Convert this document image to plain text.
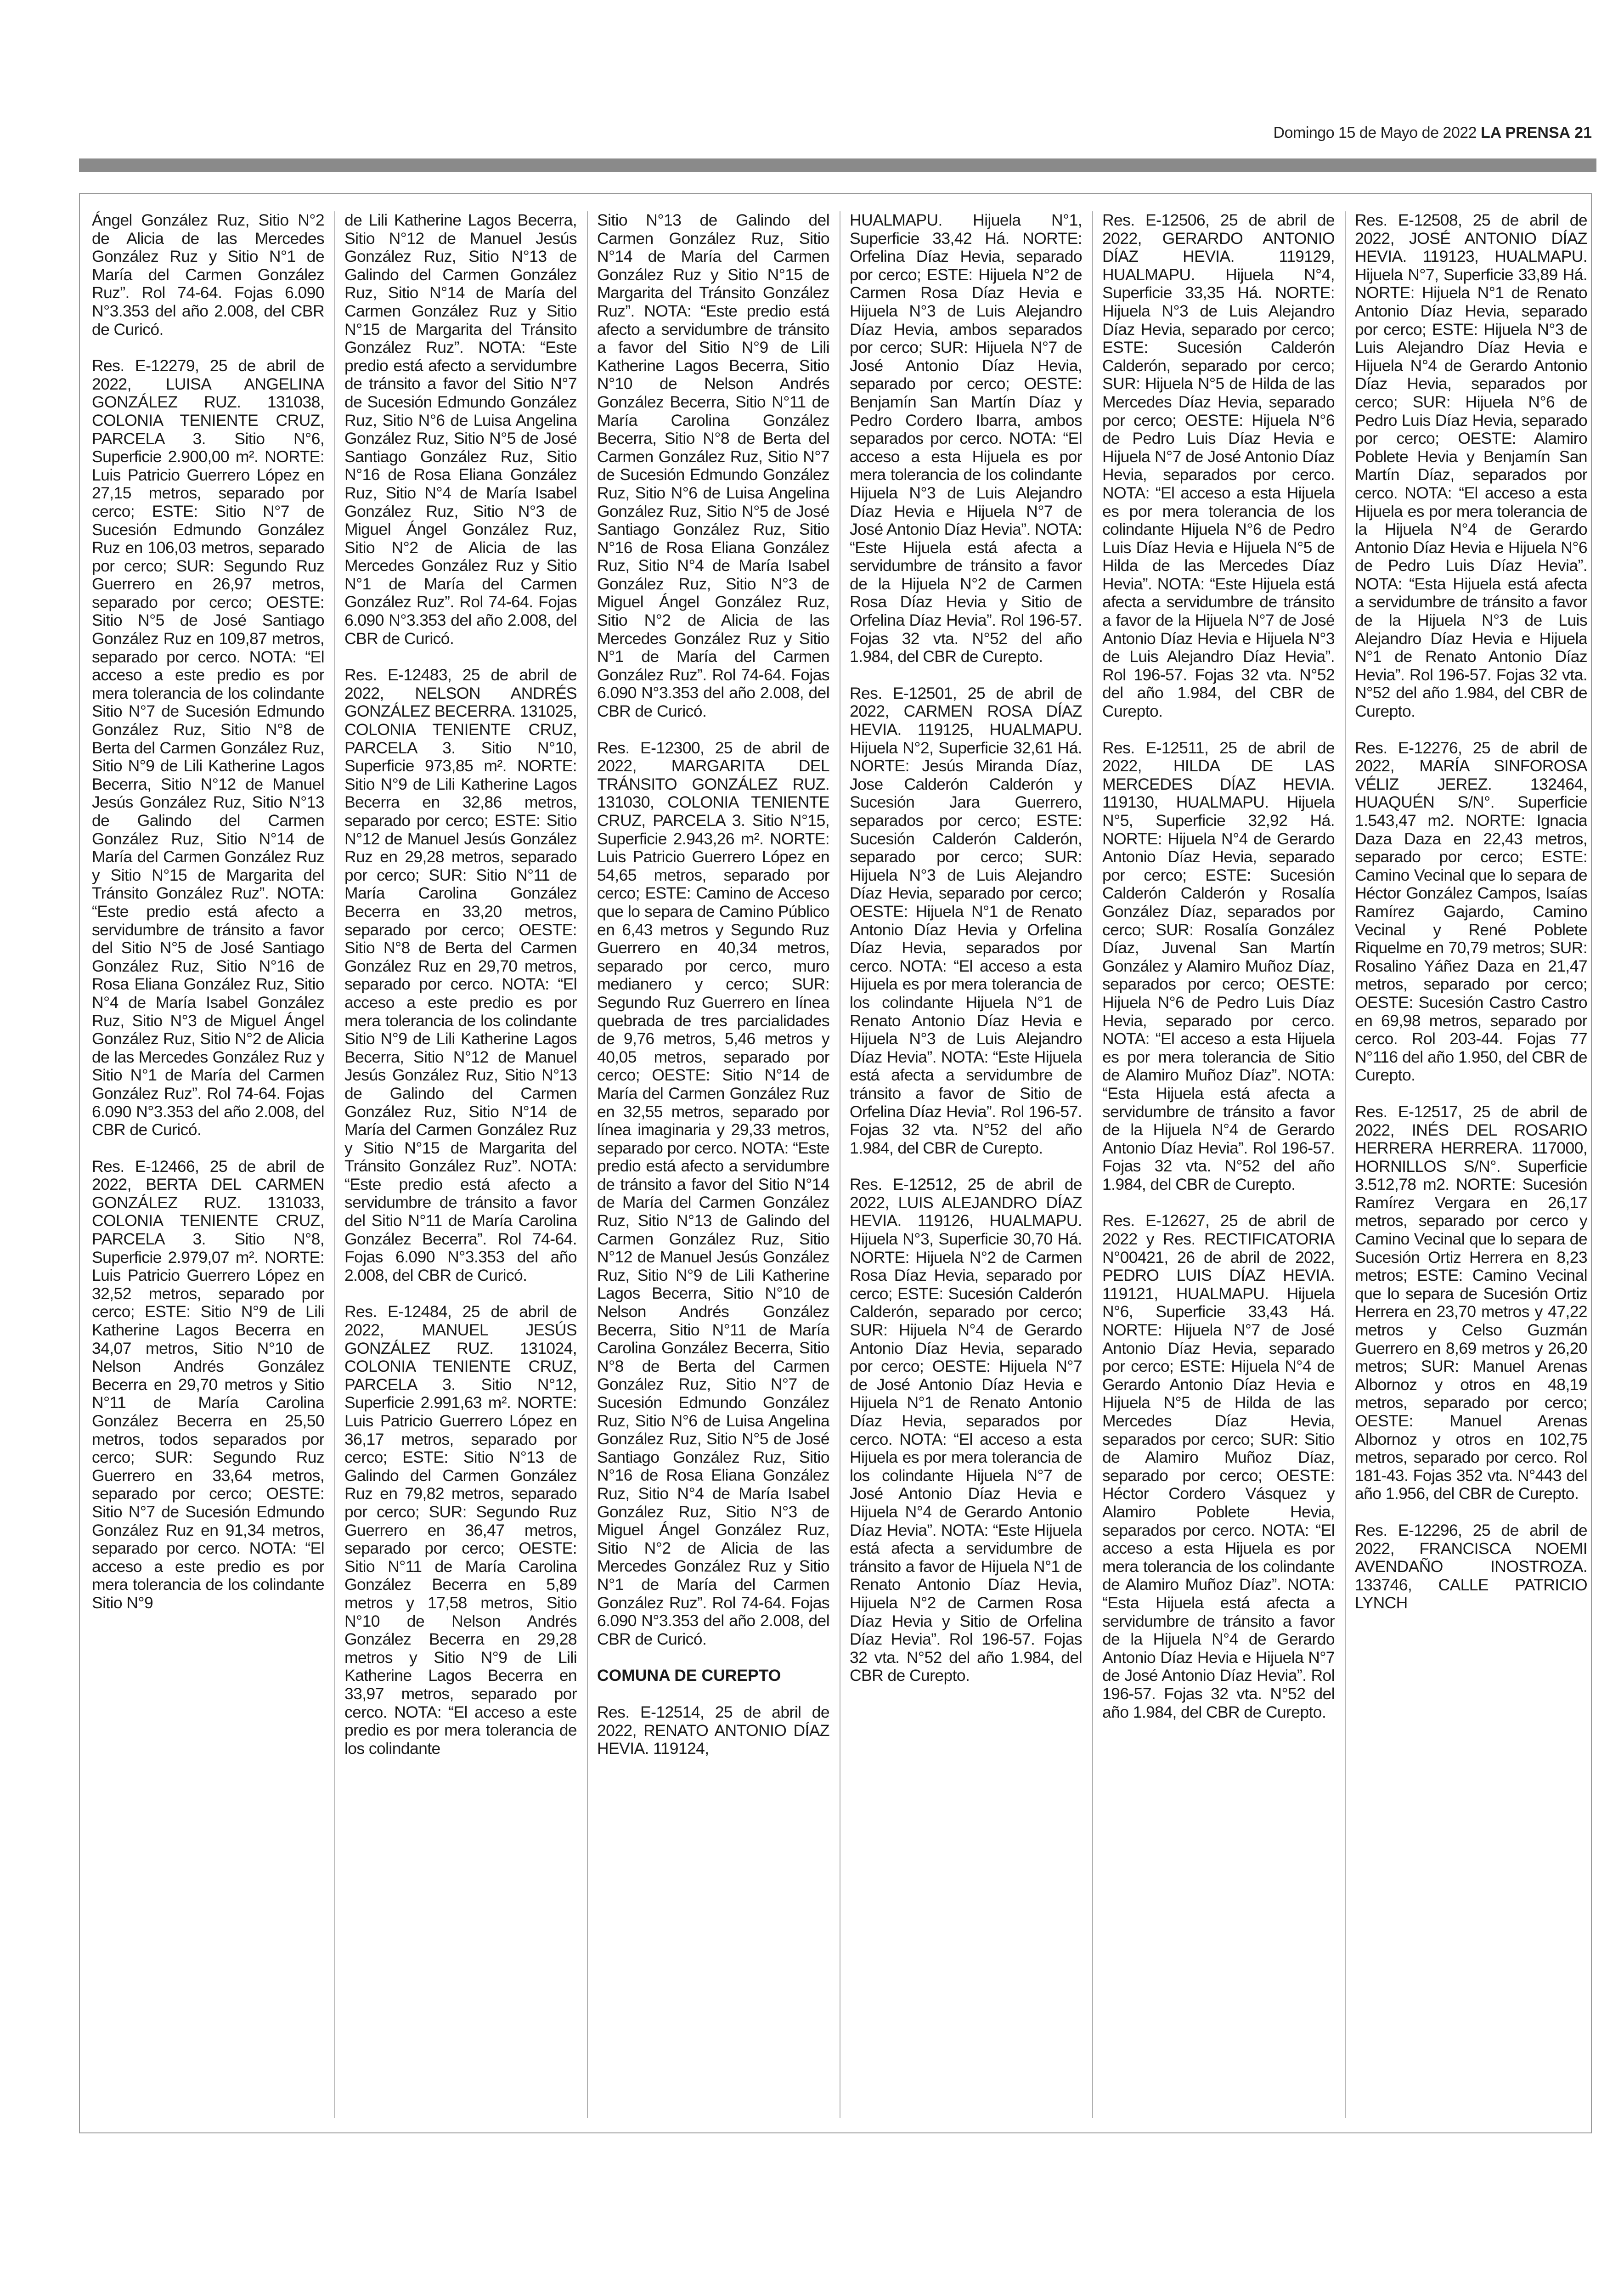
Domingo 15 de Mayo de 2022 LA PRENSA 21

Ángel González Ruz, Sitio N°2 de Alicia de las Mercedes González Ruz y Sitio N°1 de María del Carmen González Ruz”. Rol 74-64. Fojas 6.090 N°3.353 del año 2.008, del CBR de Curicó.

Res. E-12279, 25 de abril de 2022, LUISA ANGELINA GONZÁLEZ RUZ. 131038, COLONIA TENIENTE CRUZ, PARCELA 3. Sitio N°6, Superficie 2.900,00 m². NORTE: Luis Patricio Guerrero López en 27,15 metros, separado por cerco; ESTE: Sitio N°7 de Sucesión Edmundo González Ruz en 106,03 metros, separado por cerco; SUR: Segundo Ruz Guerrero en 26,97 metros, separado por cerco; OESTE: Sitio N°5 de José Santiago González Ruz en 109,87 metros, separado por cerco. NOTA: “El acceso a este predio es por mera tolerancia de los colindante Sitio N°7 de Sucesión Edmundo González Ruz, Sitio N°8 de Berta del Carmen González Ruz, Sitio N°9 de Lili Katherine Lagos Becerra, Sitio N°12 de Manuel Jesús González Ruz, Sitio N°13 de Galindo del Carmen González Ruz, Sitio N°14 de María del Carmen González Ruz y Sitio N°15 de Margarita del Tránsito González Ruz”. NOTA: “Este predio está afecto a servidumbre de tránsito a favor del Sitio N°5 de José Santiago González Ruz, Sitio N°16 de Rosa Eliana González Ruz, Sitio N°4 de María Isabel González Ruz, Sitio N°3 de Miguel Ángel González Ruz, Sitio N°2 de Alicia de las Mercedes González Ruz y Sitio N°1 de María del Carmen González Ruz”. Rol 74-64. Fojas 6.090 N°3.353 del año 2.008, del CBR de Curicó.

Res. E-12466, 25 de abril de 2022, BERTA DEL CARMEN GONZÁLEZ RUZ. 131033, COLONIA TENIENTE CRUZ, PARCELA 3. Sitio N°8, Superficie 2.979,07 m². NORTE: Luis Patricio Guerrero López en 32,52 metros, separado por cerco; ESTE: Sitio N°9 de Lili Katherine Lagos Becerra en 34,07 metros, Sitio N°10 de Nelson Andrés González Becerra en 29,70 metros y Sitio N°11 de María Carolina González Becerra en 25,50 metros, todos separados por cerco; SUR: Segundo Ruz Guerrero en 33,64 metros, separado por cerco; OESTE: Sitio N°7 de Sucesión Edmundo González Ruz en 91,34 metros, separado por cerco. NOTA: “El acceso a este predio es por mera tolerancia de los colindante Sitio N°9

de Lili Katherine Lagos Becerra, Sitio N°12 de Manuel Jesús González Ruz, Sitio N°13 de Galindo del Carmen González Ruz, Sitio N°14 de María del Carmen González Ruz y Sitio N°15 de Margarita del Tránsito González Ruz”. NOTA: “Este predio está afecto a servidumbre de tránsito a favor del Sitio N°7 de Sucesión Edmundo González Ruz, Sitio N°6 de Luisa Angelina González Ruz, Sitio N°5 de José Santiago González Ruz, Sitio N°16 de Rosa Eliana González Ruz, Sitio N°4 de María Isabel González Ruz, Sitio N°3 de Miguel Ángel González Ruz, Sitio N°2 de Alicia de las Mercedes González Ruz y Sitio N°1 de María del Carmen González Ruz”. Rol 74-64. Fojas 6.090 N°3.353 del año 2.008, del CBR de Curicó.

Res. E-12483, 25 de abril de 2022, NELSON ANDRÉS GONZÁLEZ BECERRA. 131025, COLONIA TENIENTE CRUZ, PARCELA 3. Sitio N°10, Superficie 973,85 m². NORTE: Sitio N°9 de Lili Katherine Lagos Becerra en 32,86 metros, separado por cerco; ESTE: Sitio N°12 de Manuel Jesús González Ruz en 29,28 metros, separado por cerco; SUR: Sitio N°11 de María Carolina González Becerra en 33,20 metros, separado por cerco; OESTE: Sitio N°8 de Berta del Carmen González Ruz en 29,70 metros, separado por cerco. NOTA: “El acceso a este predio es por mera tolerancia de los colindante Sitio N°9 de Lili Katherine Lagos Becerra, Sitio N°12 de Manuel Jesús González Ruz, Sitio N°13 de Galindo del Carmen González Ruz, Sitio N°14 de María del Carmen González Ruz y Sitio N°15 de Margarita del Tránsito González Ruz”. NOTA: “Este predio está afecto a servidumbre de tránsito a favor del Sitio N°11 de María Carolina González Becerra”. Rol 74-64. Fojas 6.090 N°3.353 del año 2.008, del CBR de Curicó.

Res. E-12484, 25 de abril de 2022, MANUEL JESÚS GONZÁLEZ RUZ. 131024, COLONIA TENIENTE CRUZ, PARCELA 3. Sitio N°12, Superficie 2.991,63 m². NORTE: Luis Patricio Guerrero López en 36,17 metros, separado por cerco; ESTE: Sitio N°13 de Galindo del Carmen González Ruz en 79,82 metros, separado por cerco; SUR: Segundo Ruz Guerrero en 36,47 metros, separado por cerco; OESTE: Sitio N°11 de María Carolina González Becerra en 5,89 metros y 17,58 metros, Sitio N°10 de Nelson Andrés González Becerra en 29,28 metros y Sitio N°9 de Lili Katherine Lagos Becerra en 33,97 metros, separado por cerco. NOTA: “El acceso a este predio es por mera tolerancia de los colindante

Sitio N°13 de Galindo del Carmen González Ruz, Sitio N°14 de María del Carmen González Ruz y Sitio N°15 de Margarita del Tránsito González Ruz”. NOTA: “Este predio está afecto a servidumbre de tránsito a favor del Sitio N°9 de Lili Katherine Lagos Becerra, Sitio N°10 de Nelson Andrés González Becerra, Sitio N°11 de María Carolina González Becerra, Sitio N°8 de Berta del Carmen González Ruz, Sitio N°7 de Sucesión Edmundo González Ruz, Sitio N°6 de Luisa Angelina González Ruz, Sitio N°5 de José Santiago González Ruz, Sitio N°16 de Rosa Eliana González Ruz, Sitio N°4 de María Isabel González Ruz, Sitio N°3 de Miguel Ángel González Ruz, Sitio N°2 de Alicia de las Mercedes González Ruz y Sitio N°1 de María del Carmen González Ruz”. Rol 74-64. Fojas 6.090 N°3.353 del año 2.008, del CBR de Curicó.

Res. E-12300, 25 de abril de 2022, MARGARITA DEL TRÁNSITO GONZÁLEZ RUZ. 131030, COLONIA TENIENTE CRUZ, PARCELA 3. Sitio N°15, Superficie 2.943,26 m². NORTE: Luis Patricio Guerrero López en 54,65 metros, separado por cerco; ESTE: Camino de Acceso que lo separa de Camino Público en 6,43 metros y Segundo Ruz Guerrero en 40,34 metros, separado por cerco, muro medianero y cerco; SUR: Segundo Ruz Guerrero en línea quebrada de tres parcialidades de 9,76 metros, 5,46 metros y 40,05 metros, separado por cerco; OESTE: Sitio N°14 de María del Carmen González Ruz en 32,55 metros, separado por línea imaginaria y 29,33 metros, separado por cerco. NOTA: “Este predio está afecto a servidumbre de tránsito a favor del Sitio N°14 de María del Carmen González Ruz, Sitio N°13 de Galindo del Carmen González Ruz, Sitio N°12 de Manuel Jesús González Ruz, Sitio N°9 de Lili Katherine Lagos Becerra, Sitio N°10 de Nelson Andrés González Becerra, Sitio N°11 de María Carolina González Becerra, Sitio N°8 de Berta del Carmen González Ruz, Sitio N°7 de Sucesión Edmundo González Ruz, Sitio N°6 de Luisa Angelina González Ruz, Sitio N°5 de José Santiago González Ruz, Sitio N°16 de Rosa Eliana González Ruz, Sitio N°4 de María Isabel González Ruz, Sitio N°3 de Miguel Ángel González Ruz, Sitio N°2 de Alicia de las Mercedes González Ruz y Sitio N°1 de María del Carmen González Ruz”. Rol 74-64. Fojas 6.090 N°3.353 del año 2.008, del CBR de Curicó.

COMUNA DE CUREPTO

Res. E-12514, 25 de abril de 2022, RENATO ANTONIO DÍAZ HEVIA. 119124,

HUALMAPU. Hijuela N°1, Superficie 33,42 Há. NORTE: Orfelina Díaz Hevia, separado por cerco; ESTE: Hijuela N°2 de Carmen Rosa Díaz Hevia e Hijuela N°3 de Luis Alejandro Díaz Hevia, ambos separados por cerco; SUR: Hijuela N°7 de José Antonio Díaz Hevia, separado por cerco; OESTE: Benjamín San Martín Díaz y Pedro Cordero Ibarra, ambos separados por cerco. NOTA: “El acceso a esta Hijuela es por mera tolerancia de los colindante Hijuela N°3 de Luis Alejandro Díaz Hevia e Hijuela N°7 de José Antonio Díaz Hevia”. NOTA: “Este Hijuela está afecta a servidumbre de tránsito a favor de la Hijuela N°2 de Carmen Rosa Díaz Hevia y Sitio de Orfelina Díaz Hevia”. Rol 196-57. Fojas 32 vta. N°52 del año 1.984, del CBR de Curepto.

Res. E-12501, 25 de abril de 2022, CARMEN ROSA DÍAZ HEVIA. 119125, HUALMAPU. Hijuela N°2, Superficie 32,61 Há. NORTE: Jesús Miranda Díaz, Jose Calderón Calderón y Sucesión Jara Guerrero, separados por cerco; ESTE: Sucesión Calderón Calderón, separado por cerco; SUR: Hijuela N°3 de Luis Alejandro Díaz Hevia, separado por cerco; OESTE: Hijuela N°1 de Renato Antonio Díaz Hevia y Orfelina Díaz Hevia, separados por cerco. NOTA: “El acceso a esta Hijuela es por mera tolerancia de los colindante Hijuela N°1 de Renato Antonio Díaz Hevia e Hijuela N°3 de Luis Alejandro Díaz Hevia”. NOTA: “Este Hijuela está afecta a servidumbre de tránsito a favor de Sitio de Orfelina Díaz Hevia”. Rol 196-57. Fojas 32 vta. N°52 del año 1.984, del CBR de Curepto.

Res. E-12512, 25 de abril de 2022, LUIS ALEJANDRO DÍAZ HEVIA. 119126, HUALMAPU. Hijuela N°3, Superficie 30,70 Há. NORTE: Hijuela N°2 de Carmen Rosa Díaz Hevia, separado por cerco; ESTE: Sucesión Calderón Calderón, separado por cerco; SUR: Hijuela N°4 de Gerardo Antonio Díaz Hevia, separado por cerco; OESTE: Hijuela N°7 de José Antonio Díaz Hevia e Hijuela N°1 de Renato Antonio Díaz Hevia, separados por cerco. NOTA: “El acceso a esta Hijuela es por mera tolerancia de los colindante Hijuela N°7 de José Antonio Díaz Hevia e Hijuela N°4 de Gerardo Antonio Díaz Hevia”. NOTA: “Este Hijuela está afecta a servidumbre de tránsito a favor de Hijuela N°1 de Renato Antonio Díaz Hevia, Hijuela N°2 de Carmen Rosa Díaz Hevia y Sitio de Orfelina Díaz Hevia”. Rol 196-57. Fojas 32 vta. N°52 del año 1.984, del CBR de Curepto.

Res. E-12506, 25 de abril de 2022, GERARDO ANTONIO DÍAZ HEVIA. 119129, HUALMAPU. Hijuela N°4, Superficie 33,35 Há. NORTE: Hijuela N°3 de Luis Alejandro Díaz Hevia, separado por cerco; ESTE: Sucesión Calderón Calderón, separado por cerco; SUR: Hijuela N°5 de Hilda de las Mercedes Díaz Hevia, separado por cerco; OESTE: Hijuela N°6 de Pedro Luis Díaz Hevia e Hijuela N°7 de José Antonio Díaz Hevia, separados por cerco. NOTA: “El acceso a esta Hijuela es por mera tolerancia de los colindante Hijuela N°6 de Pedro Luis Díaz Hevia e Hijuela N°5 de Hilda de las Mercedes Díaz Hevia”. NOTA: “Este Hijuela está afecta a servidumbre de tránsito a favor de la Hijuela N°7 de José Antonio Díaz Hevia e Hijuela N°3 de Luis Alejandro Díaz Hevia”. Rol 196-57. Fojas 32 vta. N°52 del año 1.984, del CBR de Curepto.

Res. E-12511, 25 de abril de 2022, HILDA DE LAS MERCEDES DÍAZ HEVIA. 119130, HUALMAPU. Hijuela N°5, Superficie 32,92 Há. NORTE: Hijuela N°4 de Gerardo Antonio Díaz Hevia, separado por cerco; ESTE: Sucesión Calderón Calderón y Rosalía González Díaz, separados por cerco; SUR: Rosalía González Díaz, Juvenal San Martín González y Alamiro Muñoz Díaz, separados por cerco; OESTE: Hijuela N°6 de Pedro Luis Díaz Hevia, separado por cerco. NOTA: “El acceso a esta Hijuela es por mera tolerancia de Sitio de Alamiro Muñoz Díaz”. NOTA: “Esta Hijuela está afecta a servidumbre de tránsito a favor de la Hijuela N°4 de Gerardo Antonio Díaz Hevia”. Rol 196-57. Fojas 32 vta. N°52 del año 1.984, del CBR de Curepto.

Res. E-12627, 25 de abril de 2022 y Res. RECTIFICATORIA N°00421, 26 de abril de 2022, PEDRO LUIS DÍAZ HEVIA. 119121, HUALMAPU. Hijuela N°6, Superficie 33,43 Há. NORTE: Hijuela N°7 de José Antonio Díaz Hevia, separado por cerco; ESTE: Hijuela N°4 de Gerardo Antonio Díaz Hevia e Hijuela N°5 de Hilda de las Mercedes Díaz Hevia, separados por cerco; SUR: Sitio de Alamiro Muñoz Díaz, separado por cerco; OESTE: Héctor Cordero Vásquez y Alamiro Poblete Hevia, separados por cerco. NOTA: “El acceso a esta Hijuela es por mera tolerancia de los colindante de Alamiro Muñoz Díaz”. NOTA: “Esta Hijuela está afecta a servidumbre de tránsito a favor de la Hijuela N°4 de Gerardo Antonio Díaz Hevia e Hijuela N°7 de José Antonio Díaz Hevia”. Rol 196-57. Fojas 32 vta. N°52 del año 1.984, del CBR de Curepto.

Res. E-12508, 25 de abril de 2022, JOSÉ ANTONIO DÍAZ HEVIA. 119123, HUALMAPU. Hijuela N°7, Superficie 33,89 Há. NORTE: Hijuela N°1 de Renato Antonio Díaz Hevia, separado por cerco; ESTE: Hijuela N°3 de Luis Alejandro Díaz Hevia e Hijuela N°4 de Gerardo Antonio Díaz Hevia, separados por cerco; SUR: Hijuela N°6 de Pedro Luis Díaz Hevia, separado por cerco; OESTE: Alamiro Poblete Hevia y Benjamín San Martín Díaz, separados por cerco. NOTA: “El acceso a esta Hijuela es por mera tolerancia de la Hijuela N°4 de Gerardo Antonio Díaz Hevia e Hijuela N°6 de Pedro Luis Díaz Hevia”. NOTA: “Esta Hijuela está afecta a servidumbre de tránsito a favor de la Hijuela N°3 de Luis Alejandro Díaz Hevia e Hijuela N°1 de Renato Antonio Díaz Hevia”. Rol 196-57. Fojas 32 vta. N°52 del año 1.984, del CBR de Curepto.

Res. E-12276, 25 de abril de 2022, MARÍA SINFOROSA VÉLIZ JEREZ. 132464, HUAQUÉN S/N°. Superficie 1.543,47 m2. NORTE: Ignacia Daza Daza en 22,43 metros, separado por cerco; ESTE: Camino Vecinal que lo separa de Héctor González Campos, Isaías Ramírez Gajardo, Camino Vecinal y René Poblete Riquelme en 70,79 metros; SUR: Rosalino Yáñez Daza en 21,47 metros, separado por cerco; OESTE: Sucesión Castro Castro en 69,98 metros, separado por cerco. Rol 203-44. Fojas 77 N°116 del año 1.950, del CBR de Curepto.

Res. E-12517, 25 de abril de 2022, INÉS DEL ROSARIO HERRERA HERRERA. 117000, HORNILLOS S/N°. Superficie 3.512,78 m2. NORTE: Sucesión Ramírez Vergara en 26,17 metros, separado por cerco y Camino Vecinal que lo separa de Sucesión Ortiz Herrera en 8,23 metros; ESTE: Camino Vecinal que lo separa de Sucesión Ortiz Herrera en 23,70 metros y 47,22 metros y Celso Guzmán Guerrero en 8,69 metros y 26,20 metros; SUR: Manuel Arenas Albornoz y otros en 48,19 metros, separado por cerco; OESTE: Manuel Arenas Albornoz y otros en 102,75 metros, separado por cerco. Rol 181-43. Fojas 352 vta. N°443 del año 1.956, del CBR de Curepto.

Res. E-12296, 25 de abril de 2022, FRANCISCA NOEMI AVENDAÑO INOSTROZA. 133746, CALLE PATRICIO LYNCH
